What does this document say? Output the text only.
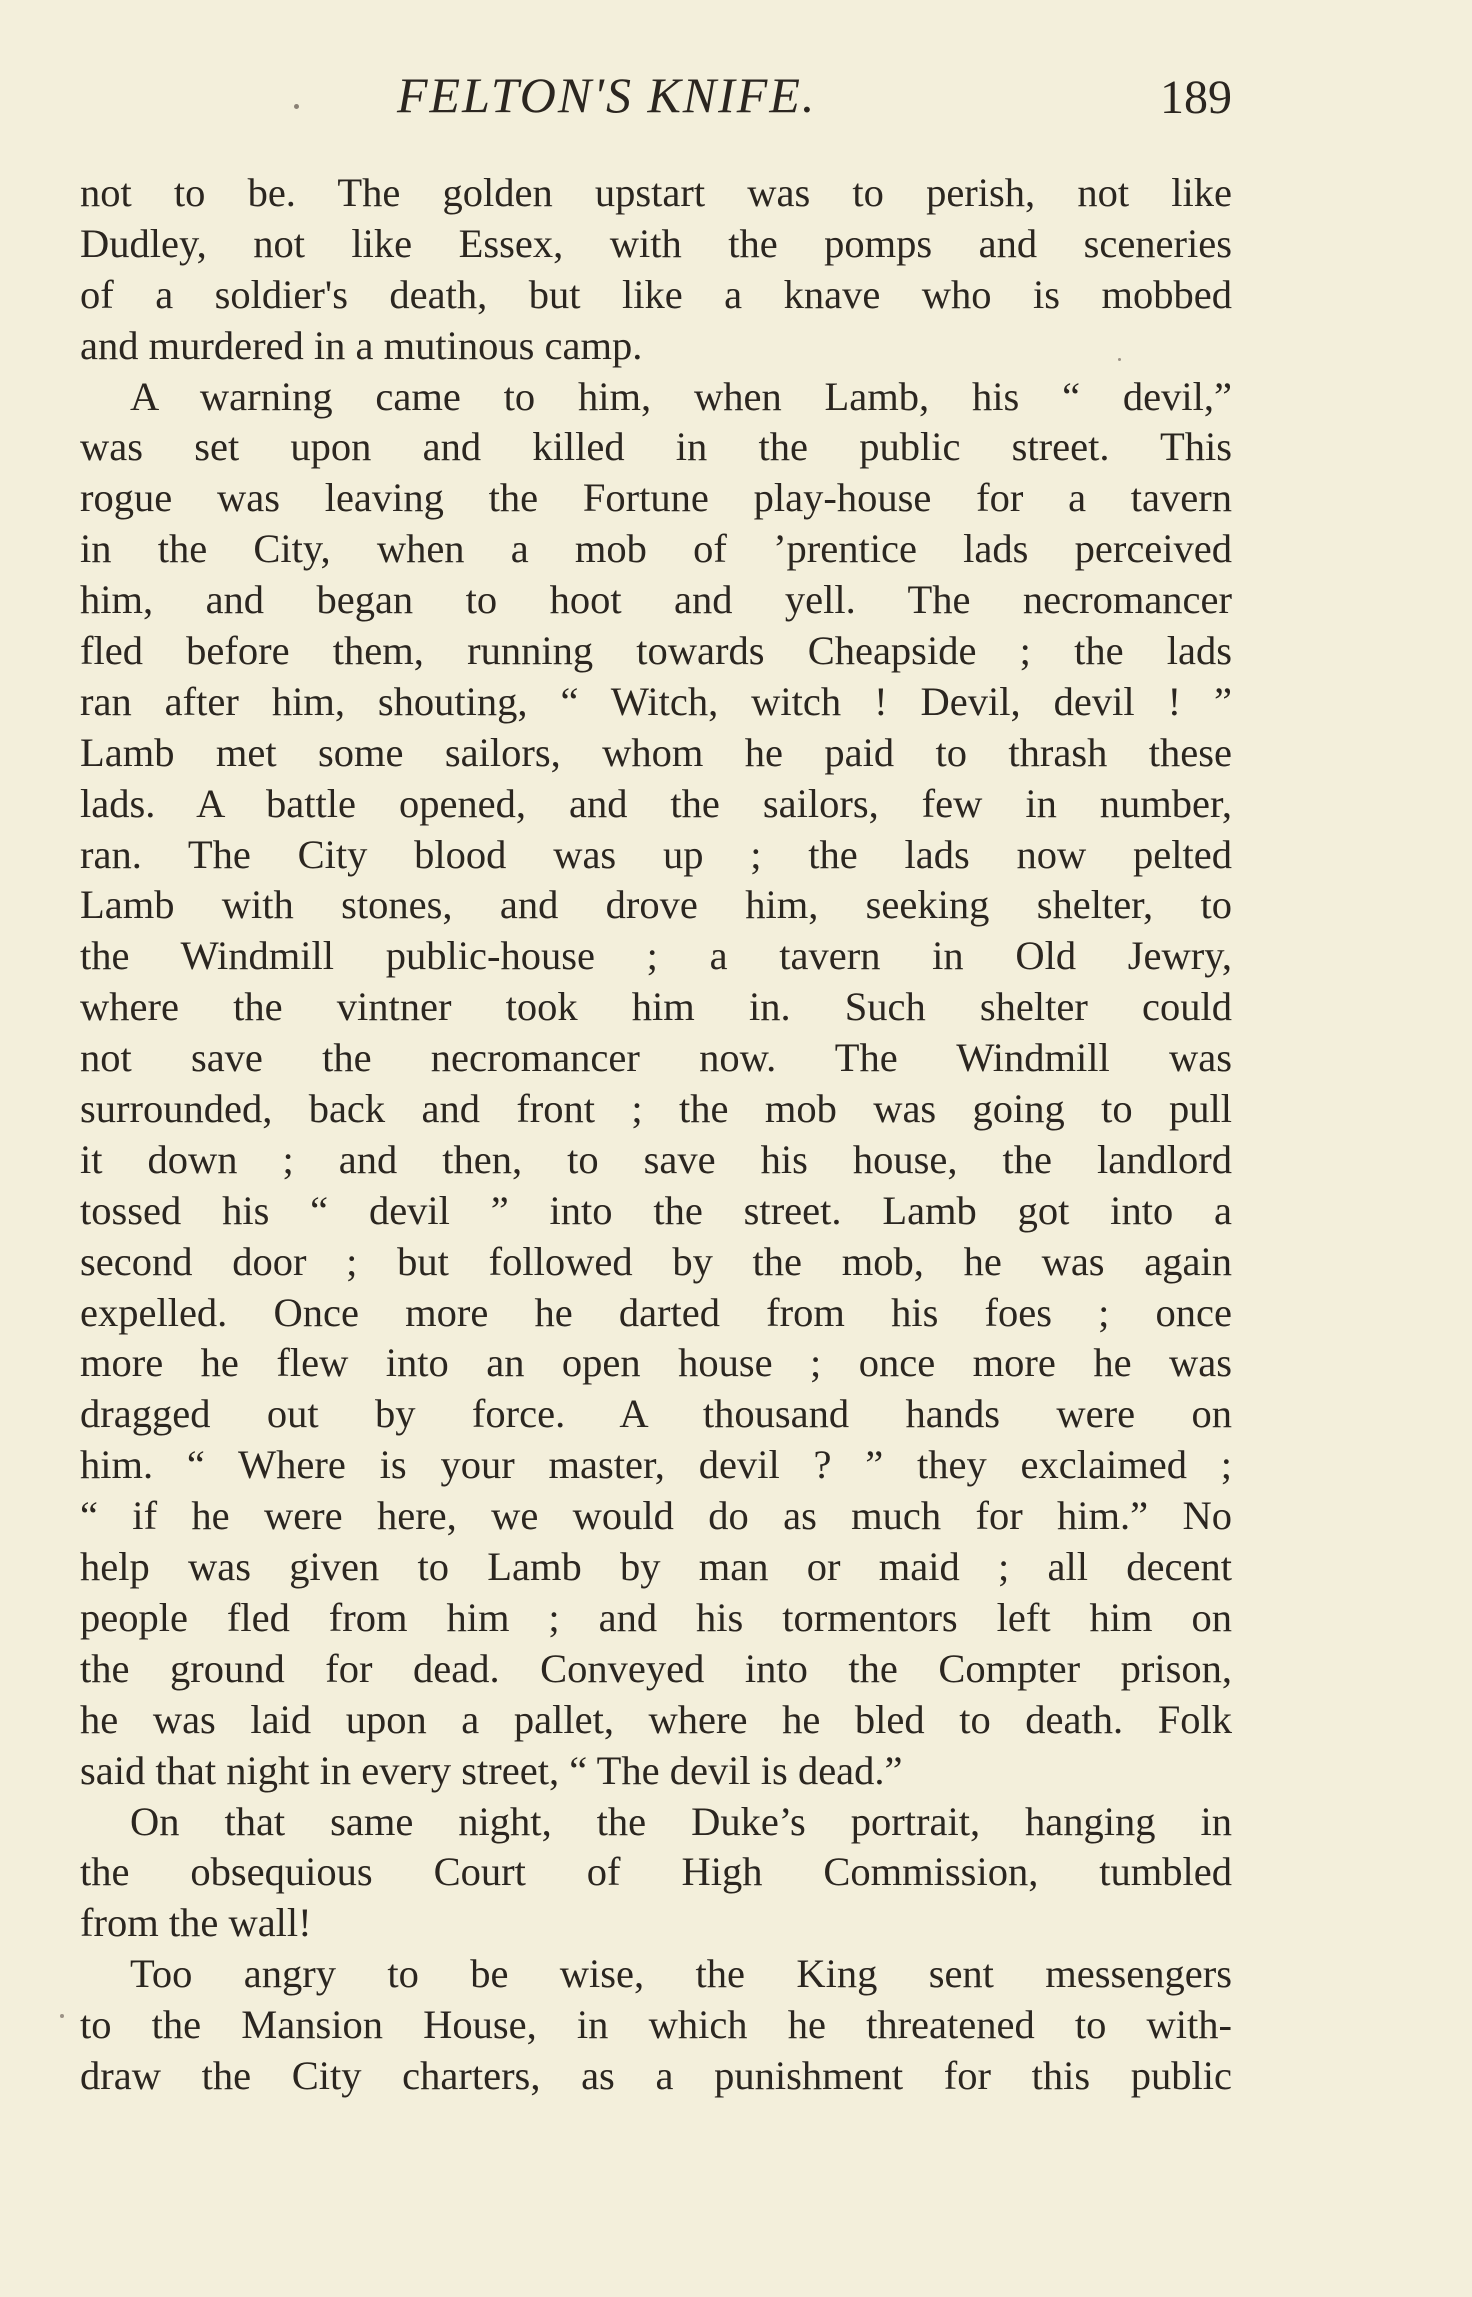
FELTON'S KNIFE.	189
not to be. The golden upstart was to perish, not like
Dudley, not like Essex, with the pomps and sceneries
of a soldier's death, but like a knave who is mobbed
and murdered in a mutinous camp.
A warning came to him, when Lamb, his “ devil,”
was set upon and killed in the public street. This
rogue was leaving the Fortune play-house for a tavern
in the City, when a mob of ’prentice lads perceived
him, and began to hoot and yell. The necromancer
fled before them, running towards Cheapside ; the lads
ran after him, shouting, “ Witch, witch ! Devil, devil ! ”
Lamb met some sailors, whom he paid to thrash these
lads. A battle opened, and the sailors, few in number,
ran. The City blood was up ; the lads now pelted
Lamb with stones, and drove him, seeking shelter, to
the Windmill public-house ; a tavern in Old Jewry,
where the vintner took him in. Such shelter could
not save the necromancer now. The Windmill was
surrounded, back and front ; the mob was going to pull
it down ; and then, to save his house, the landlord
tossed his “ devil ” into the street. Lamb got into a
second door ; but followed by the mob, he was again
expelled. Once more he darted from his foes ; once
more he flew into an open house ; once more he was
dragged out by force. A thousand hands were on
him. “ Where is your master, devil ? ” they exclaimed ;
“ if he were here, we would do as much for him.” No
help was given to Lamb by man or maid ; all decent
people fled from him ; and his tormentors left him on
the ground for dead. Conveyed into the Compter prison,
he was laid upon a pallet, where he bled to death. Folk
said that night in every street, “ The devil is dead.”
On that same night, the Duke’s portrait, hanging in
the obsequious Court of High Commission, tumbled
from the wall!
Too angry to be wise, the King sent messengers
to the Mansion House, in which he threatened to with-
draw the City charters, as a punishment for this public
